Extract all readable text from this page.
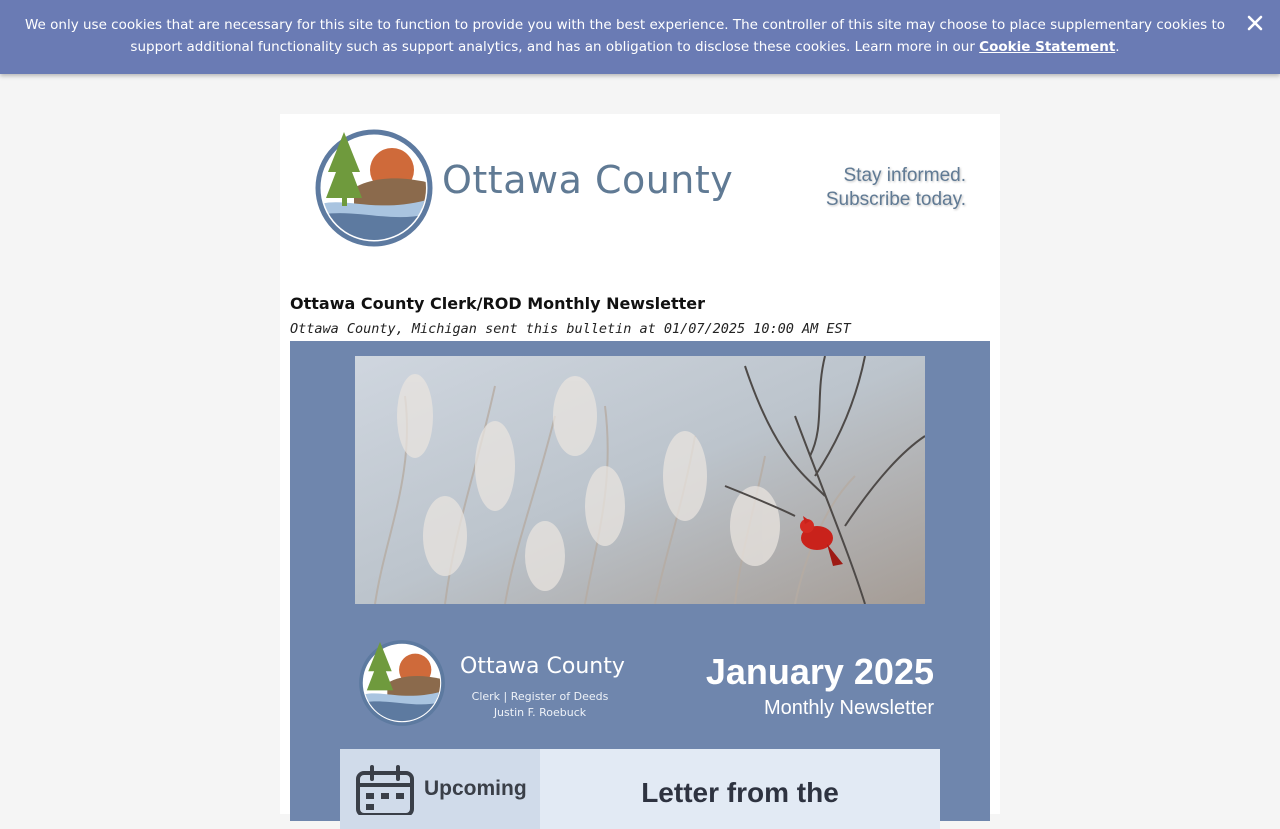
We only use cookies that are necessary for this site to function to provide you with the best experience. The controller of this site may choose to place supplementary cookies to support additional functionality such as support analytics, and has an obligation to disclose these cookies. Learn more in our Cookie Statement.
Ottawa County	Stay informed.
Subscribe today.
Ottawa County Clerk/ROD Monthly Newsletter
Ottawa County, Michigan sent this bulletin at 01/07/2025 10:00 AM EST
Ottawa County
Clerk | Register of Deeds
Justin F. Roebuck
January 2025
Monthly Newsletter
Upcoming	Letter from the
